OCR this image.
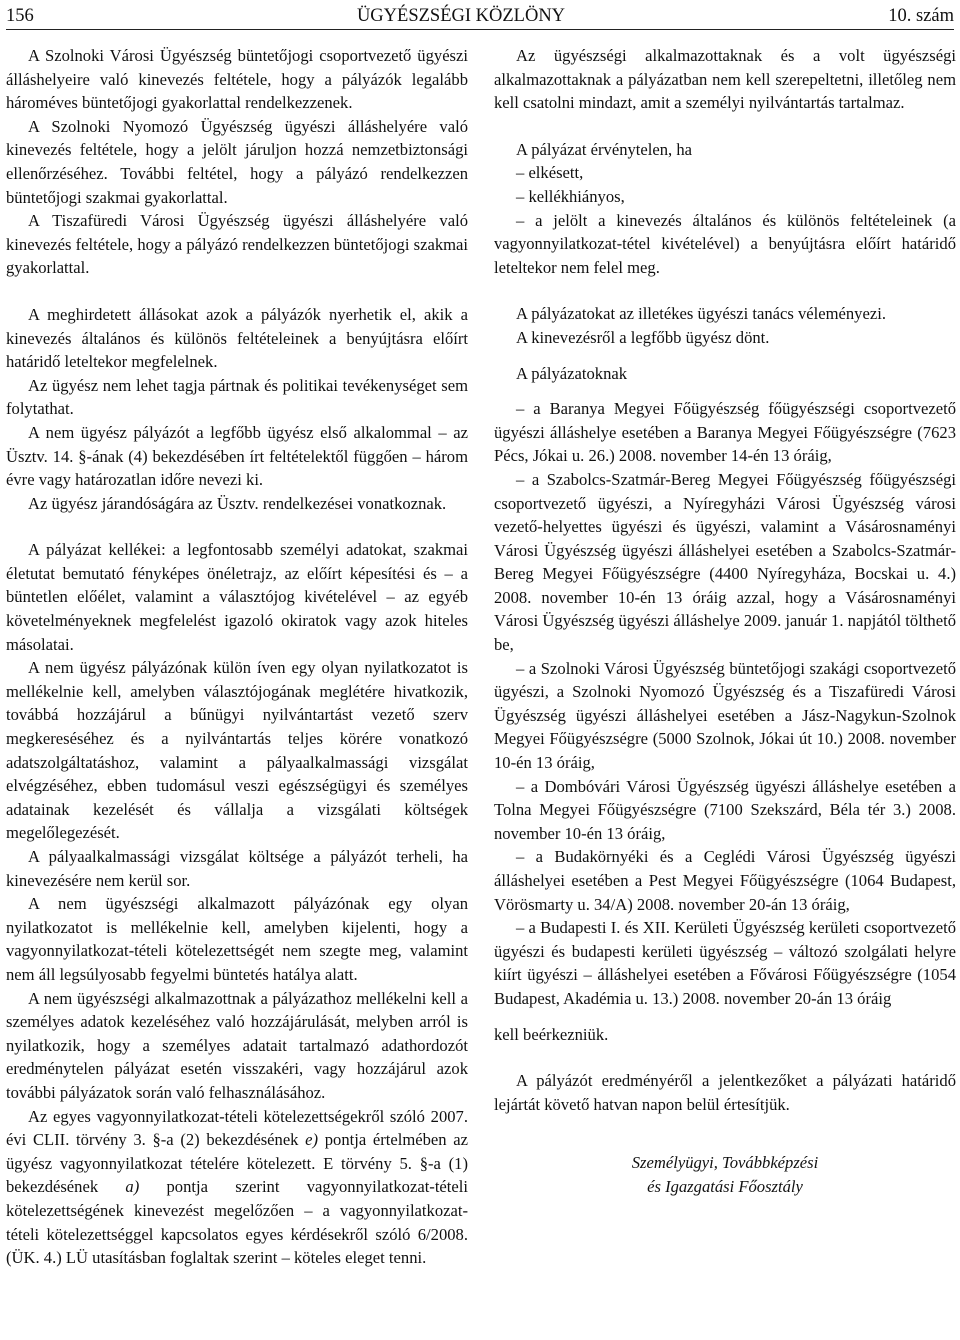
156	ÜGYÉSZSÉGI KÖZLÖNY	10. szám

A Szolnoki Városi Ügyészség büntetőjogi csoportvezető ügyészi álláshelyeire való kinevezés feltétele, hogy a pályázók legalább hároméves büntetőjogi gyakorlattal rendelkezzenek.

A Szolnoki Nyomozó Ügyészség ügyészi álláshelyére való kinevezés feltétele, hogy a jelölt járuljon hozzá nemzetbiztonsági ellenőrzéséhez. További feltétel, hogy a pályázó rendelkezzen büntetőjogi szakmai gyakorlattal.

A Tiszafüredi Városi Ügyészség ügyészi álláshelyére való kinevezés feltétele, hogy a pályázó rendelkezzen büntetőjogi szakmai gyakorlattal.

A meghirdetett állásokat azok a pályázók nyerhetik el, akik a kinevezés általános és különös feltételeinek a benyújtásra előírt határidő leteltekor megfelelnek.

Az ügyész nem lehet tagja pártnak és politikai tevékenységet sem folytathat.

A nem ügyész pályázót a legfőbb ügyész első alkalommal – az Üsztv. 14. §-ának (4) bekezdésében írt feltételektől függően – három évre vagy határozatlan időre nevezi ki.

Az ügyész járandóságára az Üsztv. rendelkezései vonatkoznak.

A pályázat kellékei: a legfontosabb személyi adatokat, szakmai életutat bemutató fényképes önéletrajz, az előírt képesítési és – a büntetlen előélet, valamint a választójog kivételével – az egyéb követelményeknek megfelelést igazoló okiratok vagy azok hiteles másolatai.

A nem ügyész pályázónak külön íven egy olyan nyilatkozatot is mellékelnie kell, amelyben választójogának meglétére hivatkozik, továbbá hozzájárul a bűnügyi nyilvántartást vezető szerv megkereséséhez és a nyilvántartás teljes körére vonatkozó adatszolgáltatáshoz, valamint a pályaalkalmassági vizsgálat elvégzéséhez, ebben tudomásul veszi egészségügyi és személyes adatainak kezelését és vállalja a vizsgálati költségek megelőlegezését.

A pályaalkalmassági vizsgálat költsége a pályázót terheli, ha kinevezésére nem kerül sor.

A nem ügyészségi alkalmazott pályázónak egy olyan nyilatkozatot is mellékelnie kell, amelyben kijelenti, hogy a vagyonnyilatkozat-tételi kötelezettségét nem szegte meg, valamint nem áll legsúlyosabb fegyelmi büntetés hatálya alatt.

A nem ügyészségi alkalmazottnak a pályázathoz mellékelni kell a személyes adatok kezeléséhez való hozzájárulását, melyben arról is nyilatkozik, hogy a személyes adatait tartalmazó adathordozót eredménytelen pályázat esetén visszakéri, vagy hozzájárul azok további pályázatok során való felhasználásához.

Az egyes vagyonnyilatkozat-tételi kötelezettségekről szóló 2007. évi CLII. törvény 3. §-a (2) bekezdésének e) pontja értelmében az ügyész vagyonnyilatkozat tételére kötelezett. E törvény 5. §-a (1) bekezdésének a) pontja szerint vagyonnyilatkozat-tételi kötelezettségének kinevezést megelőzően – a vagyonnyilatkozat-tételi kötelezettséggel kapcsolatos egyes kérdésekről szóló 6/2008. (ÜK. 4.) LÜ utasításban foglaltak szerint – köteles eleget tenni.

Az ügyészségi alkalmazottaknak és a volt ügyészségi alkalmazottaknak a pályázatban nem kell szerepeltetni, illetőleg nem kell csatolni mindazt, amit a személyi nyilvántartás tartalmaz.

A pályázat érvénytelen, ha

– elkésett,

– kellékhiányos,

– a jelölt a kinevezés általános és különös feltételeinek (a vagyonnyilatkozat-tétel kivételével) a benyújtásra előírt határidő leteltekor nem felel meg.

A pályázatokat az illetékes ügyészi tanács véleményezi.

A kinevezésről a legfőbb ügyész dönt.

A pályázatoknak

– a Baranya Megyei Főügyészség főügyészségi csoportvezető ügyészi álláshelye esetében a Baranya Megyei Főügyészségre (7623 Pécs, Jókai u. 26.) 2008. november 14-én 13 óráig,

– a Szabolcs-Szatmár-Bereg Megyei Főügyészség főügyészségi csoportvezető ügyészi, a Nyíregyházi Városi Ügyészség városi vezető-helyettes ügyészi és ügyészi, valamint a Vásárosnaményi Városi Ügyészség ügyészi álláshelyei esetében a Szabolcs-Szatmár-Bereg Megyei Főügyészségre (4400 Nyíregyháza, Bocskai u. 4.) 2008. november 10-én 13 óráig azzal, hogy a Vásárosnaményi Városi Ügyészség ügyészi álláshelye 2009. január 1. napjától tölthető be,

– a Szolnoki Városi Ügyészség büntetőjogi szakági csoportvezető ügyészi, a Szolnoki Nyomozó Ügyészség és a Tiszafüredi Városi Ügyészség ügyészi álláshelyei esetében a Jász-Nagykun-Szolnok Megyei Főügyészségre (5000 Szolnok, Jókai út 10.) 2008. november 10-én 13 óráig,

– a Dombóvári Városi Ügyészség ügyészi álláshelye esetében a Tolna Megyei Főügyészségre (7100 Szekszárd, Béla tér 3.) 2008. november 10-én 13 óráig,

– a Budakörnyéki és a Ceglédi Városi Ügyészség ügyészi álláshelyei esetében a Pest Megyei Főügyészségre (1064 Budapest, Vörösmarty u. 34/A) 2008. november 20-án 13 óráig,

– a Budapesti I. és XII. Kerületi Ügyészség kerületi csoportvezető ügyészi és budapesti kerületi ügyészség – változó szolgálati helyre kiírt ügyészi – álláshelyei esetében a Fővárosi Főügyészségre (1054 Budapest, Akadémia u. 13.) 2008. november 20-án 13 óráig

kell beérkezniük.

A pályázót eredményéről a jelentkezőket a pályázati határidő lejártát követő hatvan napon belül értesítjük.

Személyügyi, Továbbképzési

és Igazgatási Főosztály
